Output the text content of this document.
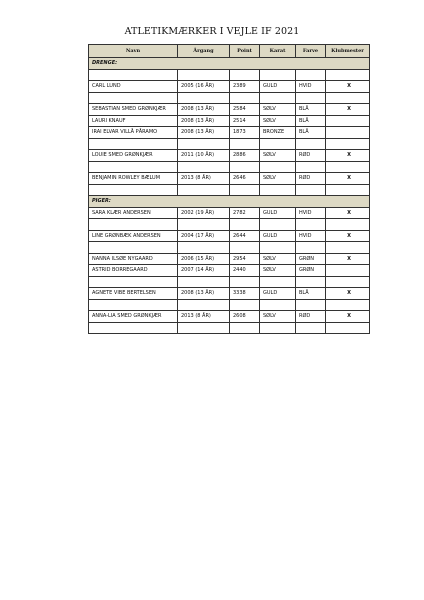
ATLETIKMÆRKER I VEJLE IF 2021
Navn	Årgang	Point	Karat	Farve	Klubmester
DRENGE:					

CARL LUND	2005 (16 ÅR)	2389	GULD	HVID	X

SEBASTIAN SMED GRØNKJÆR	2008 (13 ÅR)	2584	SØLV	BLÅ	X
LAURI KNAUF	2008 (13 ÅR)	2514	SØLV	BLÅ	
IRAI ELVAR VILLÅ PÅRAMO	2008 (13 ÅR)	1873	BRONZE	BLÅ	

LOUIE SMED GRØNKJÆR	2011 (10 ÅR)	2886	SØLV	RØD	X

BENJAMIN ROWLEY BÆLUM	2013 (8 ÅR)	2646	SØLV	RØD	X

PIGER:					
SARA KLÆR ANDERSEN	2002 (19 ÅR)	2782	GULD	HVID	X

LINE GRØNBÆK ANDERSEN	2004 (17 ÅR)	2644	GULD	HVID	X

NANNA ILSØE NYGAARD	2006 (15 ÅR)	2954	SØLV	GRØN	X
ASTRID BORREGAARD	2007 (14 ÅR)	2440	SØLV	GRØN	

AGNETE VIBE BERTELSEN	2008 (13 ÅR)	3338	GULD	BLÅ	X

ANNA-LIA SMED GRØNKJÆR	2013 (8 ÅR)	2608	SØLV	RØD	X
